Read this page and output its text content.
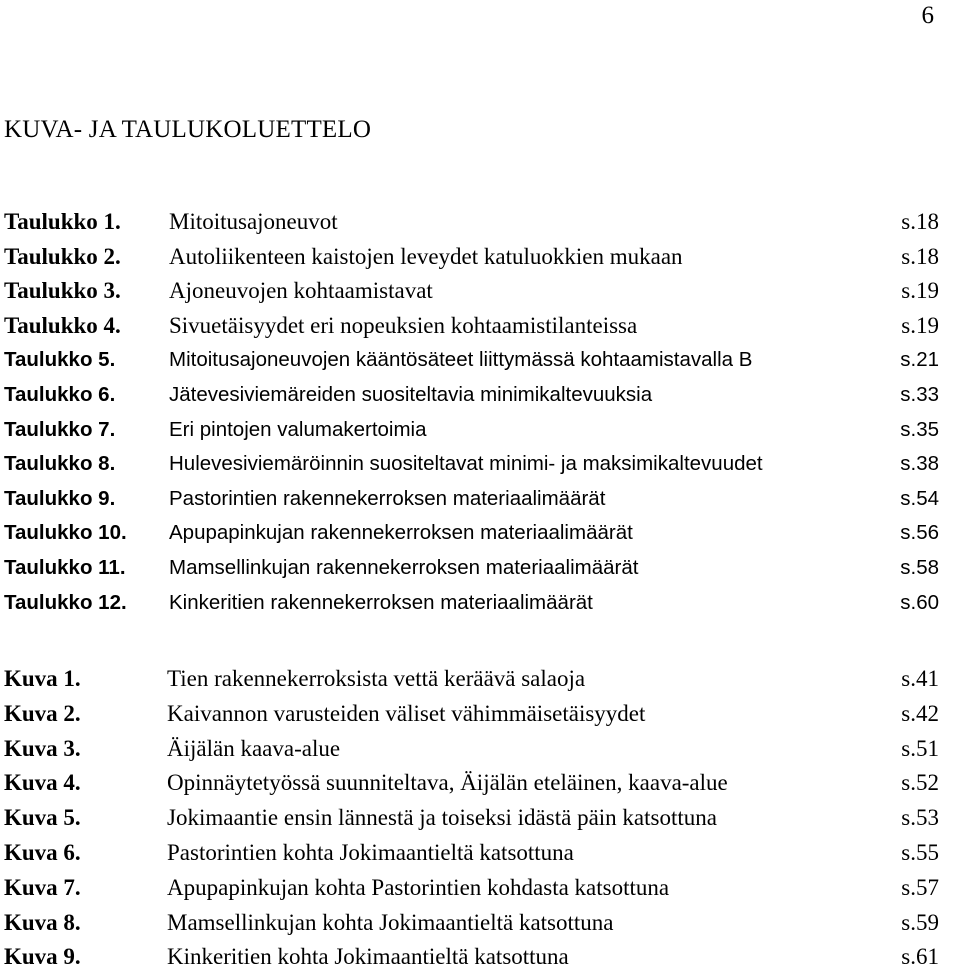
6
KUVA- JA TAULUKOLUETTELO
Taulukko 1. Mitoitusajoneuvot	s.18
Taulukko 2. Autoliikenteen kaistojen leveydet katuluokkien mukaan	s.18
Taulukko 3. Ajoneuvojen kohtaamistavat	s.19
Taulukko 4. Sivuetäisyydet eri nopeuksien kohtaamistilanteissa	s.19
Taulukko 5.	Mitoitusajoneuvojen kääntösäteet liittymässä kohtaamistavalla B	s.21
Taulukko 6.	Jätevesiviemäreiden suositeltavia minimikaltevuuksia	s.33
Taulukko 7.	Eri pintojen valumakertoimia	s.35
Taulukko 8.	Hulevesiviemäröinnin suositeltavat minimi- ja maksimikaltevuudet	s.38
Taulukko 9.	Pastorintien rakennekerroksen materiaalimäärät	s.54
Taulukko 10. Apupapinkujan rakennekerroksen materiaalimäärät	s.56
Taulukko 11. Mamsellinkujan rakennekerroksen materiaalimäärät	s.58
Taulukko 12. Kinkeritien rakennekerroksen materiaalimäärät	s.60
Kuva 1.	Tien rakennekerroksista vettä keräävä salaoja	s.41
Kuva 2.	Kaivannon varusteiden väliset vähimmäisetäisyydet	s.42
Kuva 3.	Äijälän kaava-alue	s.51
Kuva 4.	Opinnäytetyössä suunniteltava, Äijälän eteläinen, kaava-alue	s.52
Kuva 5.	Jokimaantie ensin lännestä ja toiseksi idästä päin katsottuna	s.53
Kuva 6.	Pastorintien kohta Jokimaantieltä katsottuna	s.55
Kuva 7.	Apupapinkujan kohta Pastorintien kohdasta katsottuna	s.57
Kuva 8.	Mamsellinkujan kohta Jokimaantieltä katsottuna	s.59
Kuva 9.	Kinkeritien kohta Jokimaantieltä katsottuna	s.61
